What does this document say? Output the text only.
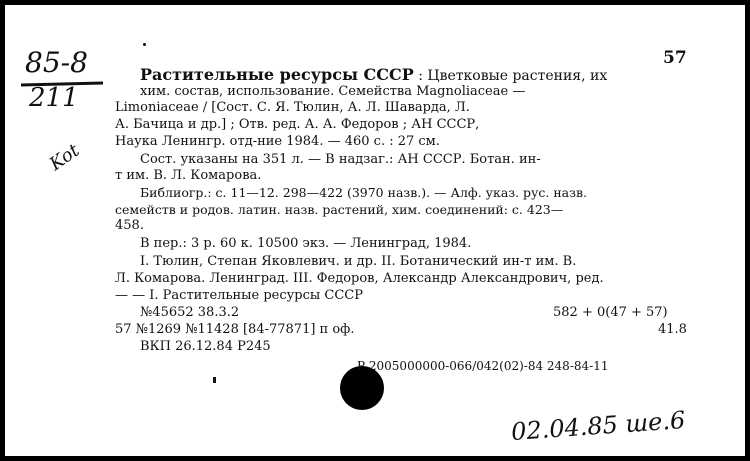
85-8
211
Kot
57
Растительные ресурсы СССР : Цветковые растения, их
хим. состав, использование. Семейства Magnoliaceae —
Limoniaceae / [Сост. С. Я. Тюлин, А. Л. Шаварда, Л.
А. Бачица и др.] ; Отв. ред. А. А. Федоров ; АН СССР,
Наука Ленингр. отд-ние 1984. — 460 с. : 27 см.
Сост. указаны на 351 л. — В надзаг.: АН СССР. Ботан. ин-
т им. В. Л. Комарова.
Библиогр.: с. 11—12. 298—422 (3970 назв.). — Алф. указ. рус. назв.
семейств и родов. латин. назв. растений, хим. соединений: с. 423—
458.
В пер.: 3 р. 60 к. 10500 экз. — Ленинград, 1984.
I. Тюлин, Степан Яковлевич. и др. II. Ботанический ин-т им. В.
Л. Комарова. Ленинград. III. Федоров, Александр Александрович, ред.
— — I. Растительные ресурсы СССР
№45652 38.3.2	582 + 0(47 + 57)
57 №1269 №11428 [84-77871] п оф.	41.8
ВКП 26.12.84 Р245
Р 2005000000-066/042(02)-84 248-84-11
02.04.85 ше.6
